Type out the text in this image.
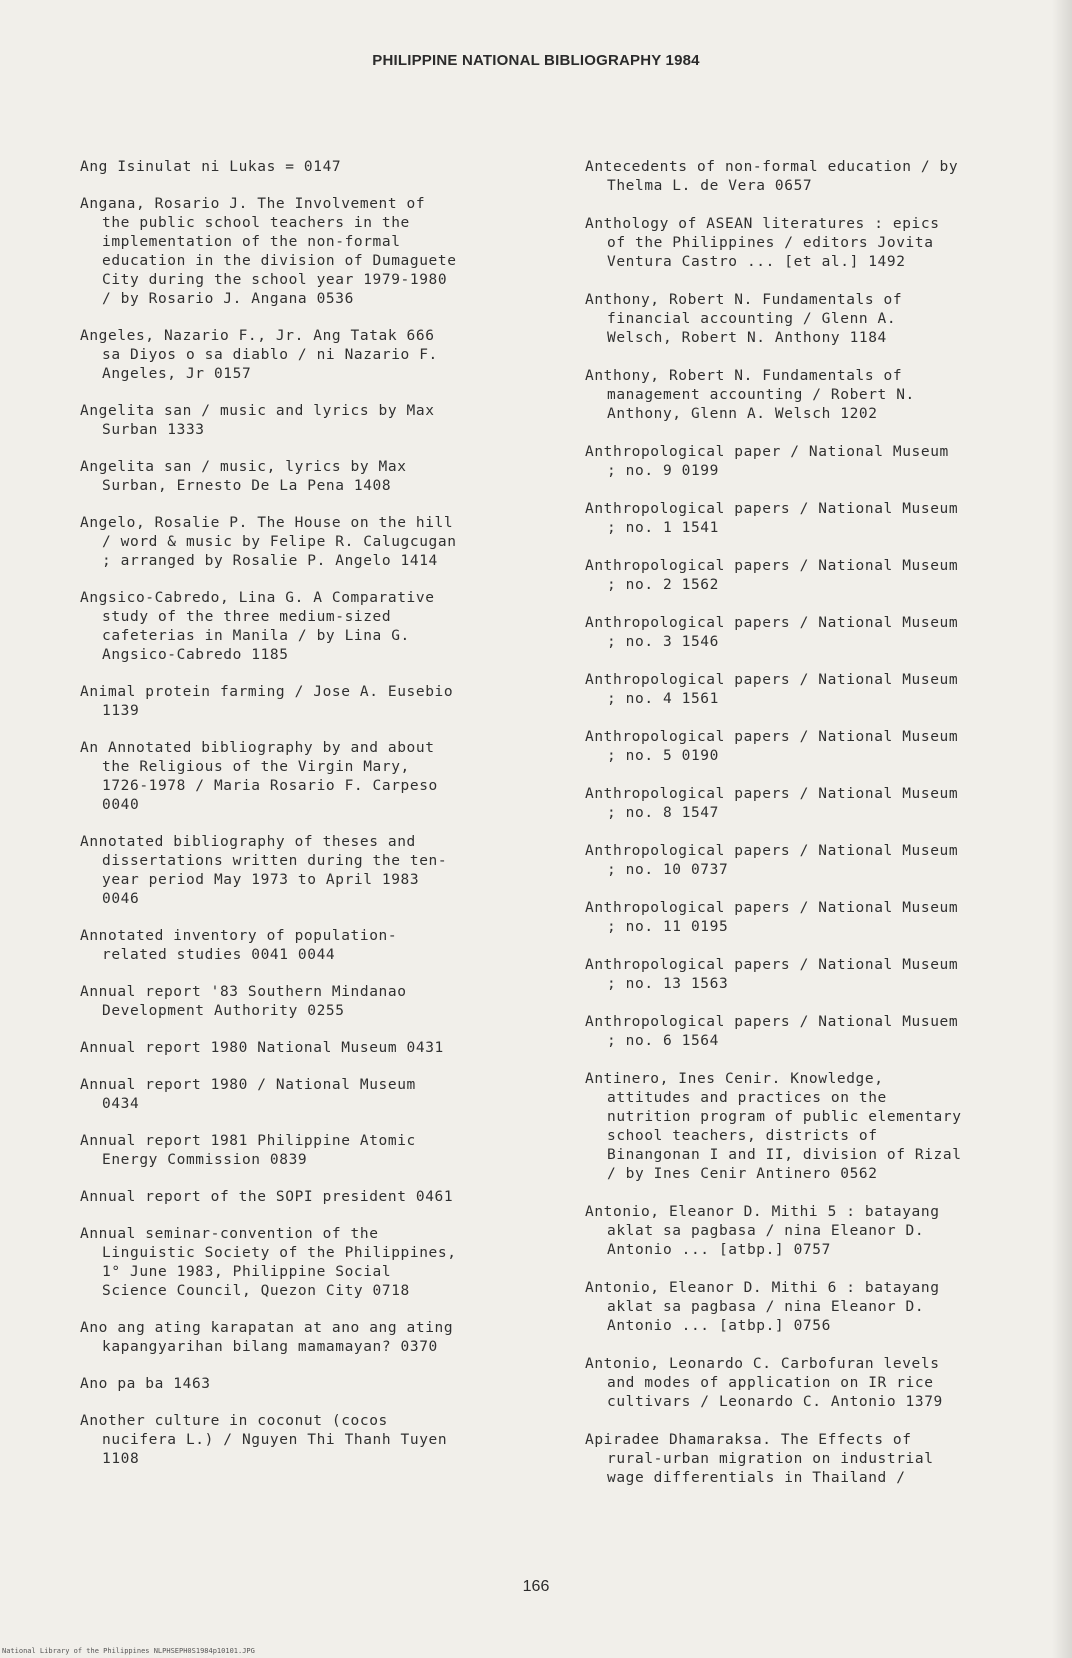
PHILIPPINE NATIONAL BIBLIOGRAPHY 1984
Ang Isinulat ni Lukas = 0147
Angana, Rosario J. The Involvement of
the public school teachers in the
implementation of the non-formal
education in the division of Dumaguete
City during the school year 1979-1980
/ by Rosario J. Angana 0536
Angeles, Nazario F., Jr. Ang Tatak 666
sa Diyos o sa diablo / ni Nazario F.
Angeles, Jr 0157
Angelita san / music and lyrics by Max
Surban 1333
Angelita san / music, lyrics by Max
Surban, Ernesto De La Pena 1408
Angelo, Rosalie P. The House on the hill
/ word & music by Felipe R. Calugcugan
; arranged by Rosalie P. Angelo 1414
Angsico-Cabredo, Lina G. A Comparative
study of the three medium-sized
cafeterias in Manila / by Lina G.
Angsico-Cabredo 1185
Animal protein farming / Jose A. Eusebio
1139
An Annotated bibliography by and about
the Religious of the Virgin Mary,
1726-1978 / Maria Rosario F. Carpeso
0040
Annotated bibliography of theses and
dissertations written during the ten-
year period May 1973 to April 1983
0046
Annotated inventory of population-
related studies 0041 0044
Annual report '83 Southern Mindanao
Development Authority 0255
Annual report 1980 National Museum 0431
Annual report 1980 / National Museum
0434
Annual report 1981 Philippine Atomic
Energy Commission 0839
Annual report of the SOPI president 0461
Annual seminar-convention of the
Linguistic Society of the Philippines,
1° June 1983, Philippine Social
Science Council, Quezon City 0718
Ano ang ating karapatan at ano ang ating
kapangyarihan bilang mamamayan? 0370
Ano pa ba 1463
Another culture in coconut (cocos
nucifera L.) / Nguyen Thi Thanh Tuyen
1108
Antecedents of non-formal education / by
Thelma L. de Vera 0657
Anthology of ASEAN literatures : epics
of the Philippines / editors Jovita
Ventura Castro ... [et al.] 1492
Anthony, Robert N. Fundamentals of
financial accounting / Glenn A.
Welsch, Robert N. Anthony 1184
Anthony, Robert N. Fundamentals of
management accounting / Robert N.
Anthony, Glenn A. Welsch 1202
Anthropological paper / National Museum
; no. 9 0199
Anthropological papers / National Museum
; no. 1 1541
Anthropological papers / National Museum
; no. 2 1562
Anthropological papers / National Museum
; no. 3 1546
Anthropological papers / National Museum
; no. 4 1561
Anthropological papers / National Museum
; no. 5 0190
Anthropological papers / National Museum
; no. 8 1547
Anthropological papers / National Museum
; no. 10 0737
Anthropological papers / National Museum
; no. 11 0195
Anthropological papers / National Museum
; no. 13 1563
Anthropological papers / National Musuem
; no. 6 1564
Antinero, Ines Cenir. Knowledge,
attitudes and practices on the
nutrition program of public elementary
school teachers, districts of
Binangonan I and II, division of Rizal
/ by Ines Cenir Antinero 0562
Antonio, Eleanor D. Mithi 5 : batayang
aklat sa pagbasa / nina Eleanor D.
Antonio ... [atbp.] 0757
Antonio, Eleanor D. Mithi 6 : batayang
aklat sa pagbasa / nina Eleanor D.
Antonio ... [atbp.] 0756
Antonio, Leonardo C. Carbofuran levels
and modes of application on IR rice
cultivars / Leonardo C. Antonio 1379
Apiradee Dhamaraksa. The Effects of
rural-urban migration on industrial
wage differentials in Thailand /
166
National Library of the Philippines NLPHSEPH0S1984p10101.JPG
